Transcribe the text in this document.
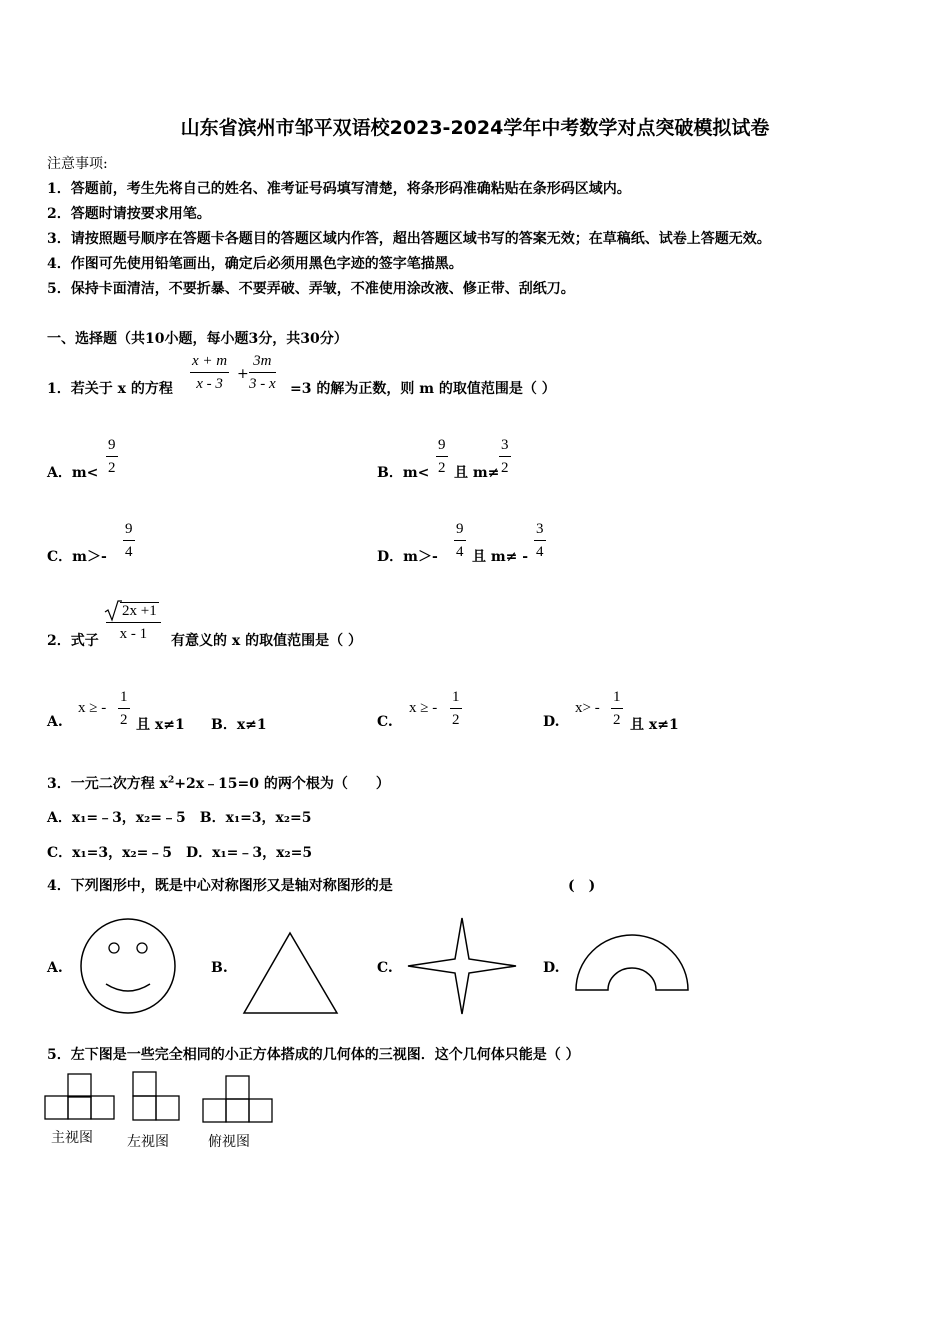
山东省滨州市邹平双语校2023-2024学年中考数学对点突破模拟试卷
注意事项:
1．答题前，考生先将自己的姓名、准考证号码填写清楚，将条形码准确粘贴在条形码区域内。
2．答题时请按要求用笔。
3．请按照题号顺序在答题卡各题目的答题区域内作答，超出答题区域书写的答案无效；在草稿纸、试卷上答题无效。
4．作图可先使用铅笔画出，确定后必须用黑色字迹的签字笔描黑。
5．保持卡面清洁，不要折暴、不要弄破、弄皱，不准使用涂改液、修正带、刮纸刀。
一、选择题（共10小题，每小题3分，共30分）
1．若关于 x 的方程 $\frac{x + m}{x - 3} + \frac{3m}{3 - x} =3$ 的解为正数，则 m 的取值范围是（ ）
A．$m< \frac{9}{2}$	B．$m< \frac{9}{2}$ 且 $m\ne \frac{3}{2}$
C．$m>- \frac{9}{4}$	D．$m>- \frac{9}{4}$ 且 $m\ne - \frac{3}{4}$
2．式子 $\frac{2x +1}{x - 1}$ 有意义的 x 的取值范围是（ ）
A.
x ≥ - $\frac{1}{2}$ 且 x≠1 B．x≠1	C.
x ≥ - $\frac{1}{2}$	D.
$x> - \frac{1}{2}$ 且 x≠1
3．一元二次方程 $x^2+2x﹣15=0$ 的两个根为（　　）
A．x₁=﹣3，x₂=﹣5　B．x₁=3，x₂=5
C．x₁=3，x₂=﹣5　D．x₁=﹣3，x₂=5
4．下列图形中，既是中心对称图形又是轴对称图形的是	(　)
A.	B.	C.	D.
5．左下图是一些完全相同的小正方体搭成的几何体的三视图．这个几何体只能是（ ）
主视图 左视图	俯视图
